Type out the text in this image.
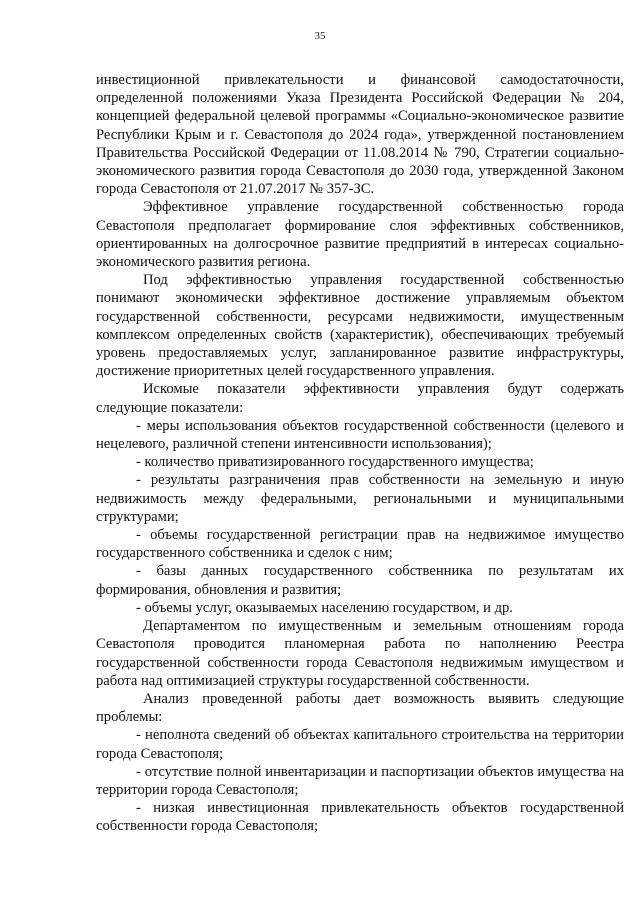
35

инвестиционной привлекательности и финансовой самодостаточности, определенной положениями Указа Президента Российской Федерации № 204, концепцией федеральной целевой программы «Социально-экономическое развитие Республики Крым и г. Севастополя до 2024 года», утвержденной постановлением Правительства Российской Федерации от 11.08.2014 № 790, Стратегии социально-экономического развития города Севастополя до 2030 года, утвержденной Законом города Севастополя от 21.07.2017 № 357-ЗС.

Эффективное управление государственной собственностью города Севастополя предполагает формирование слоя эффективных собственников, ориентированных на долгосрочное развитие предприятий в интересах социально-экономического развития региона.

Под эффективностью управления государственной собственностью понимают экономически эффективное достижение управляемым объектом государственной собственности, ресурсами недвижимости, имущественным комплексом определенных свойств (характеристик), обеспечивающих требуемый уровень предоставляемых услуг, запланированное развитие инфраструктуры, достижение приоритетных целей государственного управления.

Искомые показатели эффективности управления будут содержать следующие показатели:

- меры использования объектов государственной собственности (целевого и нецелевого, различной степени интенсивности использования);

- количество приватизированного государственного имущества;

- результаты разграничения прав собственности на земельную и иную недвижимость между федеральными, региональными и муниципальными структурами;

- объемы государственной регистрации прав на недвижимое имущество государственного собственника и сделок с ним;

- базы данных государственного собственника по результатам их формирования, обновления и развития;

- объемы услуг, оказываемых населению государством, и др.

Департаментом по имущественным и земельным отношениям города Севастополя проводится планомерная работа по наполнению Реестра государственной собственности города Севастополя недвижимым имуществом и работа над оптимизацией структуры государственной собственности.

Анализ проведенной работы дает возможность выявить следующие проблемы:

- неполнота сведений об объектах капитального строительства на территории города Севастополя;

- отсутствие полной инвентаризации и паспортизации объектов имущества на территории города Севастополя;

- низкая инвестиционная привлекательность объектов государственной собственности города Севастополя;
